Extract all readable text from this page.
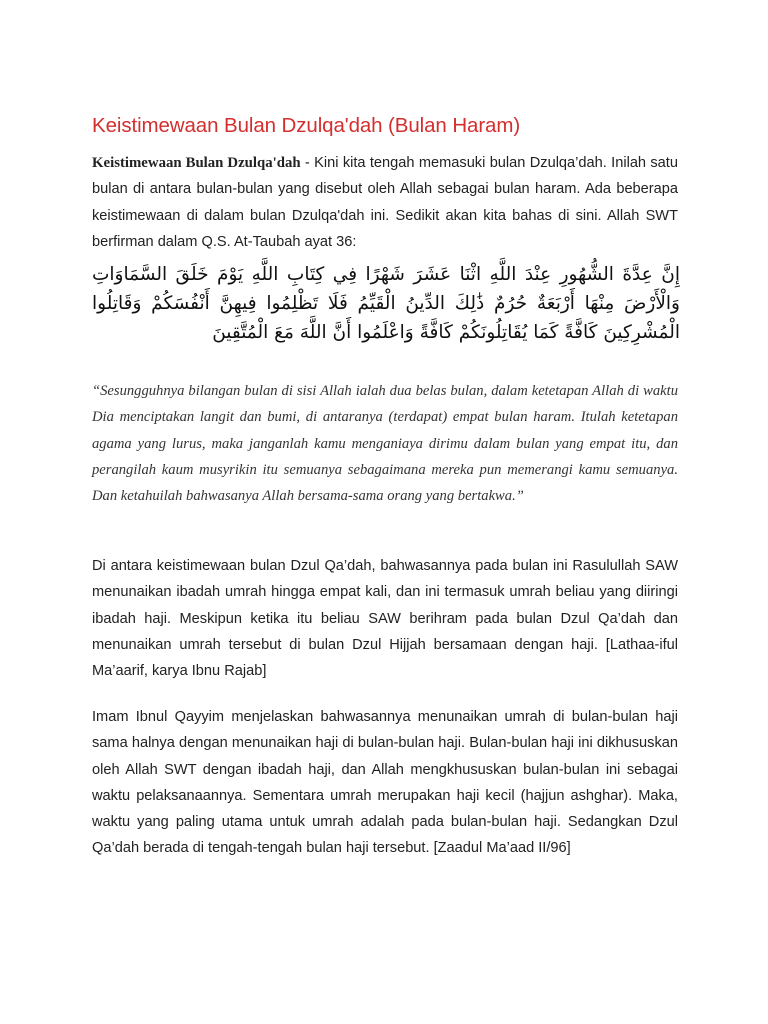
Keistimewaan Bulan Dzulqa'dah (Bulan Haram)

Keistimewaan Bulan Dzulqa'dah - Kini kita tengah memasuki bulan Dzulqa’dah. Inilah satu bulan di antara bulan-bulan yang disebut oleh Allah sebagai bulan haram. Ada beberapa keistimewaan di dalam bulan Dzulqa'dah ini. Sedikit akan kita bahas di sini. Allah SWT berfirman dalam Q.S. At-Taubah ayat 36:

إِنَّ عِدَّةَ الشُّهُورِ عِنْدَ اللَّهِ اثْنَا عَشَرَ شَهْرًا فِي كِتَابِ اللَّهِ يَوْمَ خَلَقَ السَّمَاوَاتِ وَالْأَرْضَ مِنْهَا أَرْبَعَةٌ حُرُمٌ ذَٰلِكَ الدِّينُ الْقَيِّمُ فَلَا تَظْلِمُوا فِيهِنَّ أَنْفُسَكُمْ وَقَاتِلُوا الْمُشْرِكِينَ كَافَّةً كَمَا يُقَاتِلُونَكُمْ كَافَّةً وَاعْلَمُوا أَنَّ اللَّهَ مَعَ الْمُتَّقِينَ

“Sesungguhnya bilangan bulan di sisi Allah ialah dua belas bulan, dalam ketetapan Allah di waktu Dia menciptakan langit dan bumi, di antaranya (terdapat) empat bulan haram. Itulah ketetapan agama yang lurus, maka janganlah kamu menganiaya dirimu dalam bulan yang empat itu, dan perangilah kaum musyrikin itu semuanya sebagaimana mereka pun memerangi kamu semuanya. Dan ketahuilah bahwasanya Allah bersama-sama orang yang bertakwa.”

Di antara keistimewaan bulan Dzul Qa’dah, bahwasannya pada bulan ini Rasulullah SAW menunaikan ibadah umrah hingga empat kali, dan ini termasuk umrah beliau yang diiringi ibadah haji. Meskipun ketika itu beliau SAW berihram pada bulan Dzul Qa’dah dan menunaikan umrah tersebut di bulan Dzul Hijjah bersamaan dengan haji. [Lathaa-iful Ma’aarif, karya Ibnu Rajab]

Imam Ibnul Qayyim menjelaskan bahwasannya menunaikan umrah di bulan-bulan haji sama halnya dengan menunaikan haji di bulan-bulan haji. Bulan-bulan haji ini dikhususkan oleh Allah SWT dengan ibadah haji, dan Allah mengkhususkan bulan-bulan ini sebagai waktu pelaksanaannya. Sementara umrah merupakan haji kecil (hajjun ashghar). Maka, waktu yang paling utama untuk umrah adalah pada bulan-bulan haji. Sedangkan Dzul Qa’dah berada di tengah-tengah bulan haji tersebut. [Zaadul Ma’aad II/96]
